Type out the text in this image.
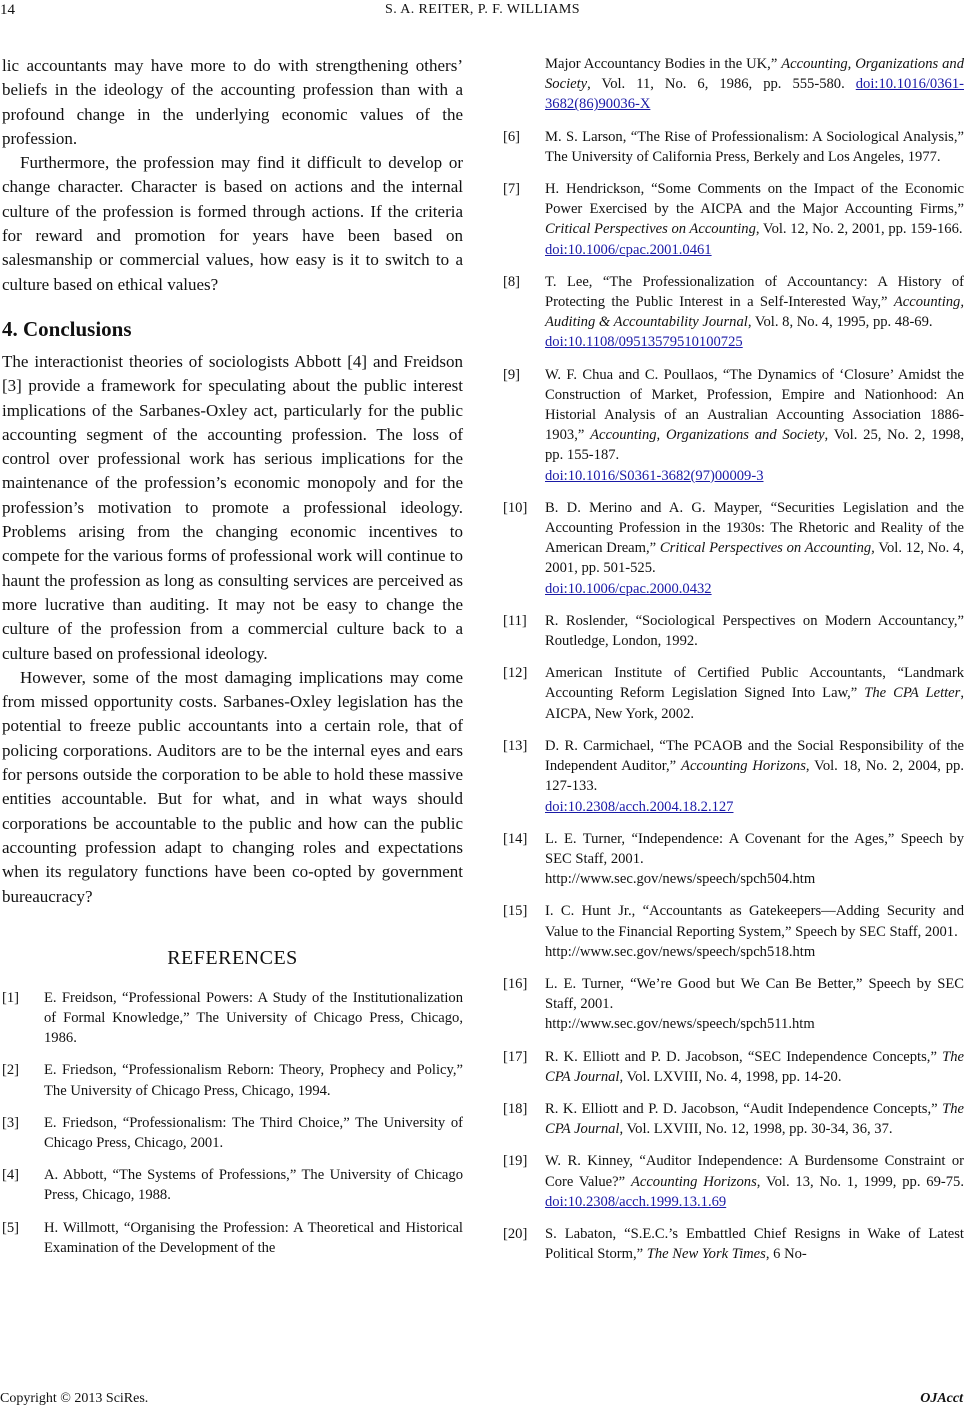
14	S. A. REITER, P. F. WILLIAMS

lic accountants may have more to do with strengthening others’ beliefs in the ideology of the accounting profession than with a profound change in the underlying economic values of the profession.

Furthermore, the profession may find it difficult to develop or change character. Character is based on actions and the internal culture of the profession is formed through actions. If the criteria for reward and promotion for years have been based on salesmanship or commercial values, how easy is it to switch to a culture based on ethical values?

4. Conclusions

The interactionist theories of sociologists Abbott [4] and Freidson [3] provide a framework for speculating about the public interest implications of the Sarbanes-Oxley act, particularly for the public accounting segment of the accounting profession. The loss of control over professional work has serious implications for the maintenance of the profession’s economic monopoly and for the profession’s motivation to promote a professional ideology. Problems arising from the changing economic incentives to compete for the various forms of professional work will continue to haunt the profession as long as consulting services are perceived as more lucrative than auditing. It may not be easy to change the culture of the profession from a commercial culture back to a culture based on professional ideology.

However, some of the most damaging implications may come from missed opportunity costs. Sarbanes-Oxley legislation has the potential to freeze public accountants into a certain role, that of policing corporations. Auditors are to be the internal eyes and ears for persons outside the corporation to be able to hold these massive entities accountable. But for what, and in what ways should corporations be accountable to the public and how can the public accounting profession adapt to changing roles and expectations when its regulatory functions have been co-opted by government bureaucracy?

REFERENCES
[1]	E. Freidson, “Professional Powers: A Study of the Institutionalization of Formal Knowledge,” The University of Chicago Press, Chicago, 1986.
[2]	E. Friedson, “Professionalism Reborn: Theory, Prophecy and Policy,” The University of Chicago Press, Chicago, 1994.
[3]	E. Friedson, “Professionalism: The Third Choice,” The University of Chicago Press, Chicago, 2001.
[4]	A. Abbott, “The Systems of Professions,” The University of Chicago Press, Chicago, 1988.
[5]	H. Willmott, “Organising the Profession: A Theoretical and Historical Examination of the Development of the
Major Accountancy Bodies in the UK,” Accounting, Organizations and Society, Vol. 11, No. 6, 1986, pp. 555-580. doi:10.1016/0361-3682(86)90036-X
[6]	M. S. Larson, “The Rise of Professionalism: A Sociological Analysis,” The University of California Press, Berkely and Los Angeles, 1977.
[7]	H. Hendrickson, “Some Comments on the Impact of the Economic Power Exercised by the AICPA and the Major Accounting Firms,” Critical Perspectives on Accounting, Vol. 12, No. 2, 2001, pp. 159-166.
doi:10.1006/cpac.2001.0461
[8]	T. Lee, “The Professionalization of Accountancy: A History of Protecting the Public Interest in a Self-Interested Way,” Accounting, Auditing & Accountability Journal, Vol. 8, No. 4, 1995, pp. 48-69.
doi:10.1108/09513579510100725
[9]	W. F. Chua and C. Poullaos, “The Dynamics of ‘Closure’ Amidst the Construction of Market, Profession, Empire and Nationhood: An Historial Analysis of an Australian Accounting Association 1886-1903,” Accounting, Organizations and Society, Vol. 25, No. 2, 1998, pp. 155-187.
doi:10.1016/S0361-3682(97)00009-3
[10]	B. D. Merino and A. G. Mayper, “Securities Legislation and the Accounting Profession in the 1930s: The Rhetoric and Reality of the American Dream,” Critical Perspectives on Accounting, Vol. 12, No. 4, 2001, pp. 501-525.
doi:10.1006/cpac.2000.0432
[11]	R. Roslender, “Sociological Perspectives on Modern Accountancy,” Routledge, London, 1992.
[12]	American Institute of Certified Public Accountants, “Landmark Accounting Reform Legislation Signed Into Law,” The CPA Letter, AICPA, New York, 2002.
[13]	D. R. Carmichael, “The PCAOB and the Social Responsibility of the Independent Auditor,” Accounting Horizons, Vol. 18, No. 2, 2004, pp. 127-133.
doi:10.2308/acch.2004.18.2.127
[14]	L. E. Turner, “Independence: A Covenant for the Ages,” Speech by SEC Staff, 2001.
http://www.sec.gov/news/speech/spch504.htm
[15]	I. C. Hunt Jr., “Accountants as Gatekeepers—Adding Security and Value to the Financial Reporting System,” Speech by SEC Staff, 2001.
http://www.sec.gov/news/speech/spch518.htm
[16]	L. E. Turner, “We’re Good but We Can Be Better,” Speech by SEC Staff, 2001.
http://www.sec.gov/news/speech/spch511.htm
[17]	R. K. Elliott and P. D. Jacobson, “SEC Independence Concepts,” The CPA Journal, Vol. LXVIII, No. 4, 1998, pp. 14-20.
[18]	R. K. Elliott and P. D. Jacobson, “Audit Independence Concepts,” The CPA Journal, Vol. LXVIII, No. 12, 1998, pp. 30-34, 36, 37.
[19]	W. R. Kinney, “Auditor Independence: A Burdensome Constraint or Core Value?” Accounting Horizons, Vol. 13, No. 1, 1999, pp. 69-75. doi:10.2308/acch.1999.13.1.69
[20]	S. Labaton, “S.E.C.’s Embattled Chief Resigns in Wake of Latest Political Storm,” The New York Times, 6 No-
Copyright © 2013 SciRes.	OJAcct
